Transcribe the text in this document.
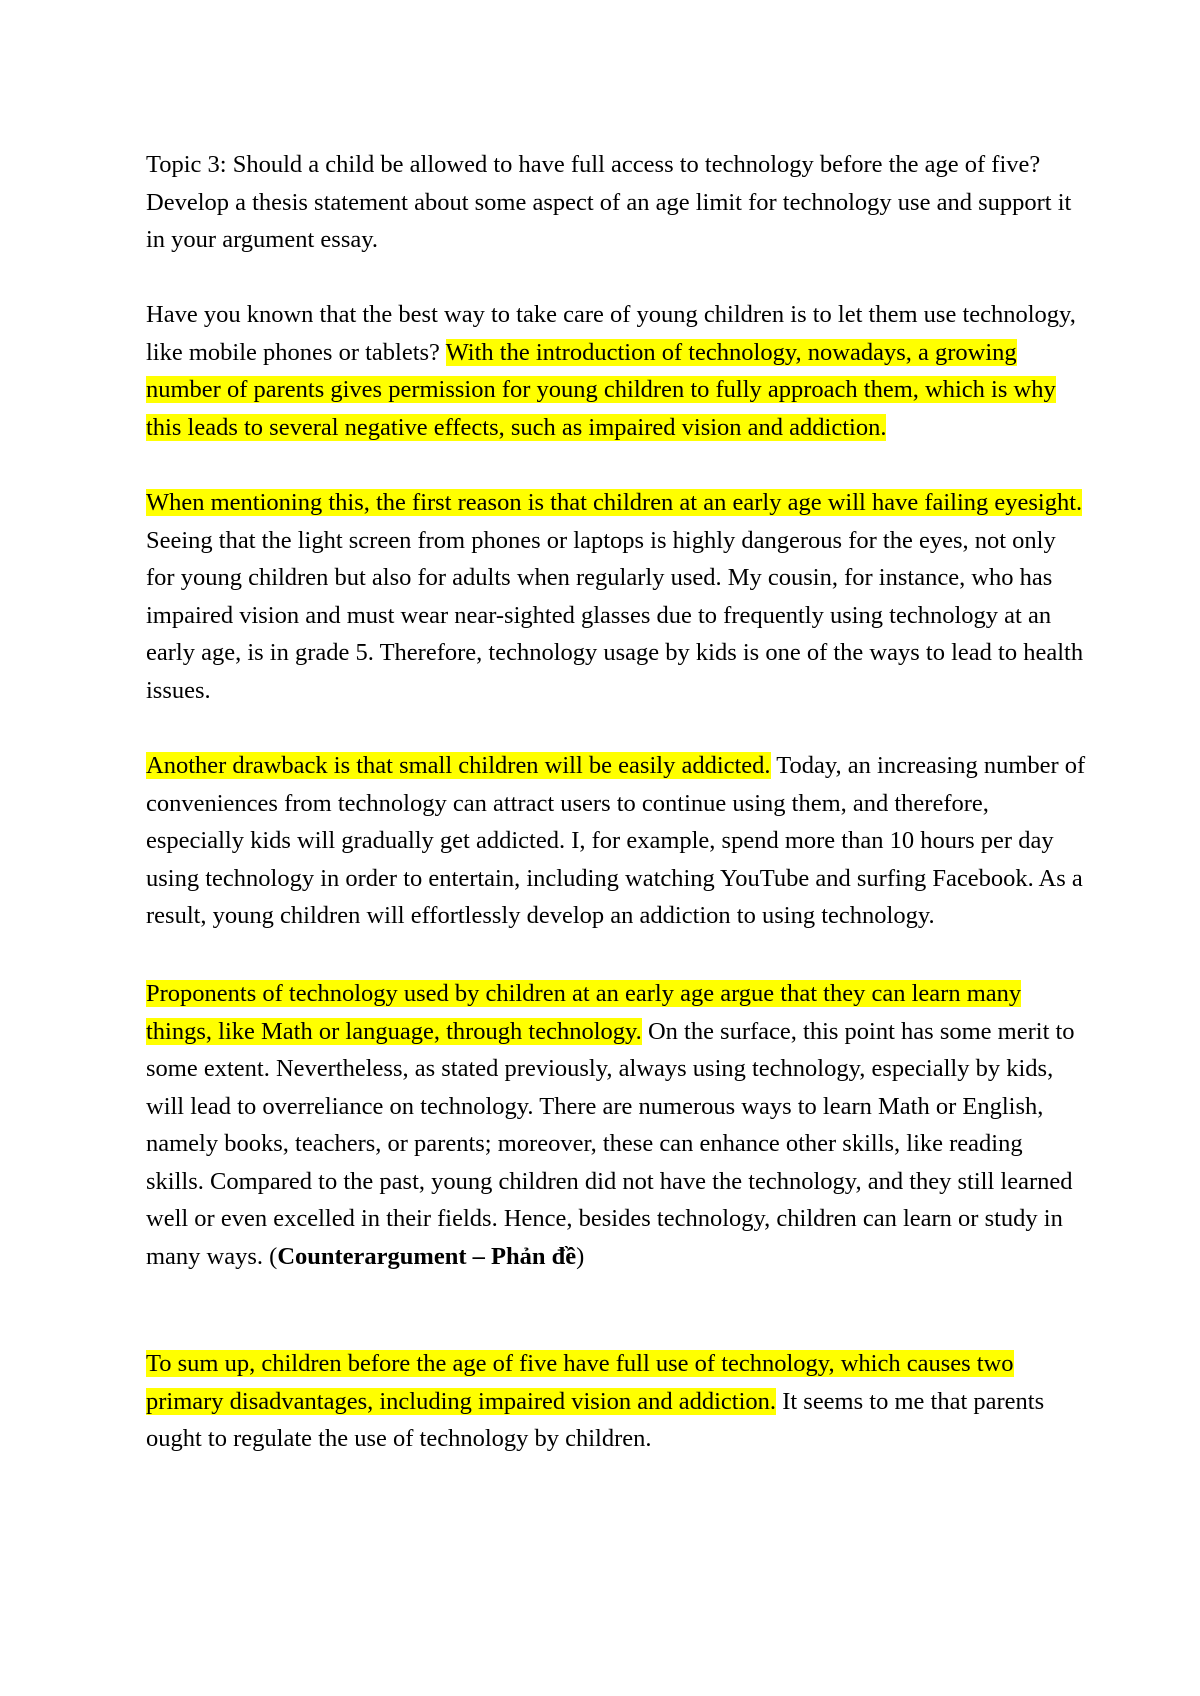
Topic 3: Should a child be allowed to have full access to technology before the age of five? Develop a thesis statement about some aspect of an age limit for technology use and support it in your argument essay.

Have you known that the best way to take care of young children is to let them use technology, like mobile phones or tablets? With the introduction of technology, nowadays, a growing number of parents gives permission for young children to fully approach them, which is why this leads to several negative effects, such as impaired vision and addiction.

When mentioning this, the first reason is that children at an early age will have failing eyesight. Seeing that the light screen from phones or laptops is highly dangerous for the eyes, not only for young children but also for adults when regularly used. My cousin, for instance, who has impaired vision and must wear near-sighted glasses due to frequently using technology at an early age, is in grade 5. Therefore, technology usage by kids is one of the ways to lead to health issues.

Another drawback is that small children will be easily addicted. Today, an increasing number of conveniences from technology can attract users to continue using them, and therefore, especially kids will gradually get addicted. I, for example, spend more than 10 hours per day using technology in order to entertain, including watching YouTube and surfing Facebook. As a result, young children will effortlessly develop an addiction to using technology.

Proponents of technology used by children at an early age argue that they can learn many things, like Math or language, through technology. On the surface, this point has some merit to some extent. Nevertheless, as stated previously, always using technology, especially by kids, will lead to overreliance on technology. There are numerous ways to learn Math or English, namely books, teachers, or parents; moreover, these can enhance other skills, like reading skills. Compared to the past, young children did not have the technology, and they still learned well or even excelled in their fields. Hence, besides technology, children can learn or study in many ways. (Counterargument – Phản đề)

To sum up, children before the age of five have full use of technology, which causes two primary disadvantages, including impaired vision and addiction. It seems to me that parents ought to regulate the use of technology by children.
